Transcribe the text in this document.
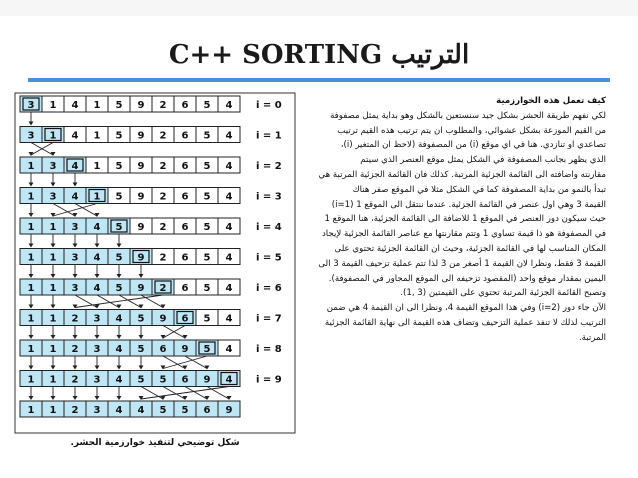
C++ SORTING الترتيب
3 1 4 1 5 9 2 6 5 4 i = 0
3 1 4 1 5 9 2 6 5 4 i = 1
1 3 4 1 5 9 2 6 5 4 i = 2
1 3 4 1 5 9 2 6 5 4 i = 3
1 1 3 4 5 9 2 6 5 4 i = 4
1 1 3 4 5 9 2 6 5 4 i = 5
1 1 3 4 5 9 2 6 5 4 i = 6
1 1 2 3 4 5 9 6 5 4 i = 7
1 1 2 3 4 5 6 9 5 4 i = 8
1 1 2 3 4 5 5 6 9 4 i = 9
1 1 2 3 4 4 5 5 6 9
شكل توضيحي لتنفيذ خوارزمية الحشر.
كيف تعمل هذه الخوارزمية
لكي نفهم طريقة الحشر بشكل جيد سنستعين بالشكل وهو بداية يمثل مصفوفة
من القيم الموزعة بشكل عشوائي، والمطلوب ان يتم ترتيب هذه القيم ترتيب
تصاعدي او تنازدي. هنا في اي موقع (i) من المصفوفة (لاحظ ان المتغير (i)،
الذي يظهر بجانب المصفوفة في الشكل يمثل موقع العنصر الذي سيتم
مقارنته واضافته الى القائمة الجزئية المرتبة. كذلك فان القائمة الجزئية المرتبة هي
تبدأ بالنمو من بداية المصفوفة كما في الشكل مثلا في الموقع صفر هناك
القيمة 3 وهي اول عنصر في القائمة الجزئية. عندما ننتقل الى الموقع 1 (i=1)
حيث سيكون دور العنصر في الموقع 1 للاضافة الى القائمة الجزئية، هنا الموقع 1
في المصفوفة هو ذا قيمة تساوي 1 وتتم مقارنتها مع عناصر القائمة الجزئية لإيجاد
المكان المناسب لها في القائمة الجزئية، وحيث ان القائمة الجزئية تحتوي على
القيمة 3 فقط، ونظرا لان القيمة 1 أصغر من 3 لذا تتم عملية تزحيف القيمة 3 الى
اليمين بمقدار موقع واحد (المقصود تزحيفه الى الموقع المجاور في المصفوفة).
وتصبح القائمة الجزئية المرتبة تحتوي على القيمتين (3 ,1).
الآن جاء دور (i=2) وفي هذا الموقع القيمة 4، ونظرا الى ان القيمة 4 هي ضمن
الترتيب لذلك لا تنفذ عملية التزحيف وتضاف هذه القيمة الى نهاية القائمة الجزئية
المرتبة.
